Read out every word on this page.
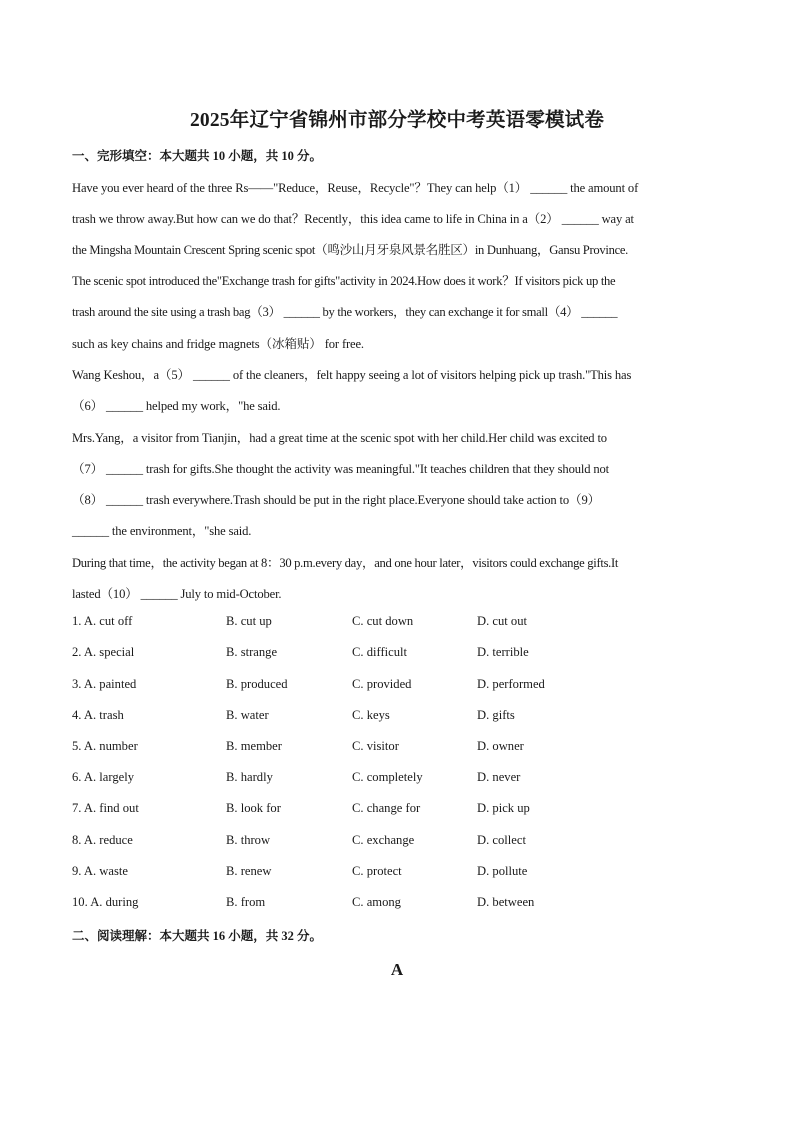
2025年辽宁省锦州市部分学校中考英语零模试卷
一、完形填空：本大题共 10 小题，共 10 分。
Have you ever heard of the three Rs——"Reduce，Reuse，Recycle"？They can help（1） ______ the amount of
trash we throw away.But how can we do that？Recently，this idea came to life in China in a（2） ______ way at
the Mingsha Mountain Crescent Spring scenic spot（鸣沙山月牙泉风景名胜区）in Dunhuang，Gansu Province.
The scenic spot introduced the"Exchange trash for gifts"activity in 2024.How does it work？If visitors pick up the
trash around the site using a trash bag（3） ______ by the workers，they can exchange it for small（4） ______
such as key chains and fridge magnets（冰箱贴） for free.
Wang Keshou，a（5） ______ of the cleaners，felt happy seeing a lot of visitors helping pick up trash."This has
（6） ______ helped my work，"he said.
Mrs.Yang，a visitor from Tianjin，had a great time at the scenic spot with her child.Her child was excited to
（7） ______ trash for gifts.She thought the activity was meaningful."It teaches children that they should not
（8） ______ trash everywhere.Trash should be put in the right place.Everyone should take action to（9）
______ the environment，"she said.
During that time，the activity began at 8：30 p.m.every day，and one hour later，visitors could exchange gifts.It
lasted（10） ______ July to mid-October.
1. A. cut off	B. cut up	C. cut down	D. cut out
2. A. special	B. strange	C. difficult	D. terrible
3. A. painted	B. produced	C. provided	D. performed
4. A. trash	B. water	C. keys	D. gifts
5. A. number	B. member	C. visitor	D. owner
6. A. largely	B. hardly	C. completely	D. never
7. A. find out	B. look for	C. change for	D. pick up
8. A. reduce	B. throw	C. exchange	D. collect
9. A. waste	B. renew	C. protect	D. pollute
10. A. during	B. from	C. among	D. between
二、阅读理解：本大题共 16 小题，共 32 分。
A
